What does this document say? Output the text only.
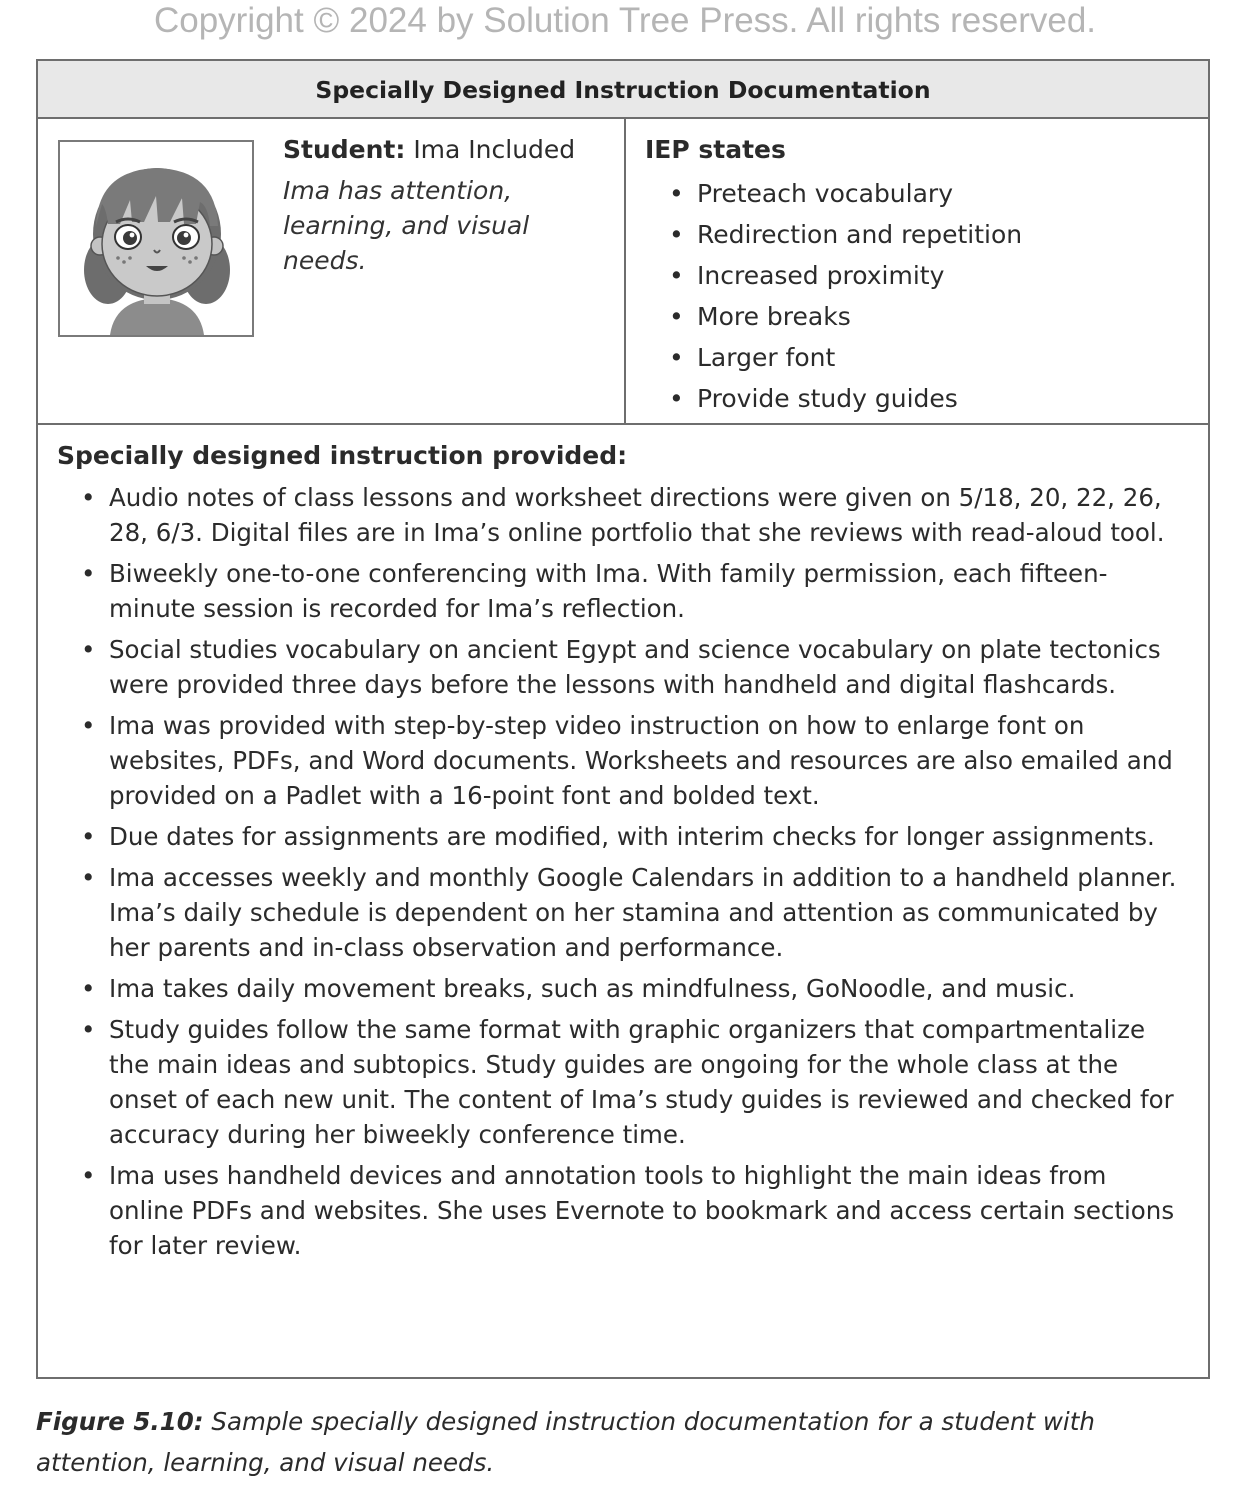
Copyright © 2024 by Solution Tree Press. All rights reserved.
Specially Designed Instruction Documentation
Student: Ima Included
Ima has attention, learning, and visual needs.
IEP states
• Preteach vocabulary
• Redirection and repetition
• Increased proximity
• More breaks
• Larger font
• Provide study guides
Specially designed instruction provided:
• Audio notes of class lessons and worksheet directions were given on 5/18, 20, 22, 26, 28, 6/3. Digital files are in Ima’s online portfolio that she reviews with read-aloud tool.
• Biweekly one-to-one conferencing with Ima. With family permission, each fifteen-minute session is recorded for Ima’s reflection.
• Social studies vocabulary on ancient Egypt and science vocabulary on plate tectonics were provided three days before the lessons with handheld and digital flashcards.
• Ima was provided with step-by-step video instruction on how to enlarge font on websites, PDFs, and Word documents. Worksheets and resources are also emailed and provided on a Padlet with a 16-point font and bolded text.
• Due dates for assignments are modified, with interim checks for longer assignments.
• Ima accesses weekly and monthly Google Calendars in addition to a handheld planner. Ima’s daily schedule is dependent on her stamina and attention as communicated by her parents and in-class observation and performance.
• Ima takes daily movement breaks, such as mindfulness, GoNoodle, and music.
• Study guides follow the same format with graphic organizers that compartmentalize the main ideas and subtopics. Study guides are ongoing for the whole class at the onset of each new unit. The content of Ima’s study guides is reviewed and checked for accuracy during her biweekly conference time.
• Ima uses handheld devices and annotation tools to highlight the main ideas from online PDFs and websites. She uses Evernote to bookmark and access certain sections for later review.
Figure 5.10: Sample specially designed instruction documentation for a student with attention, learning, and visual needs.
